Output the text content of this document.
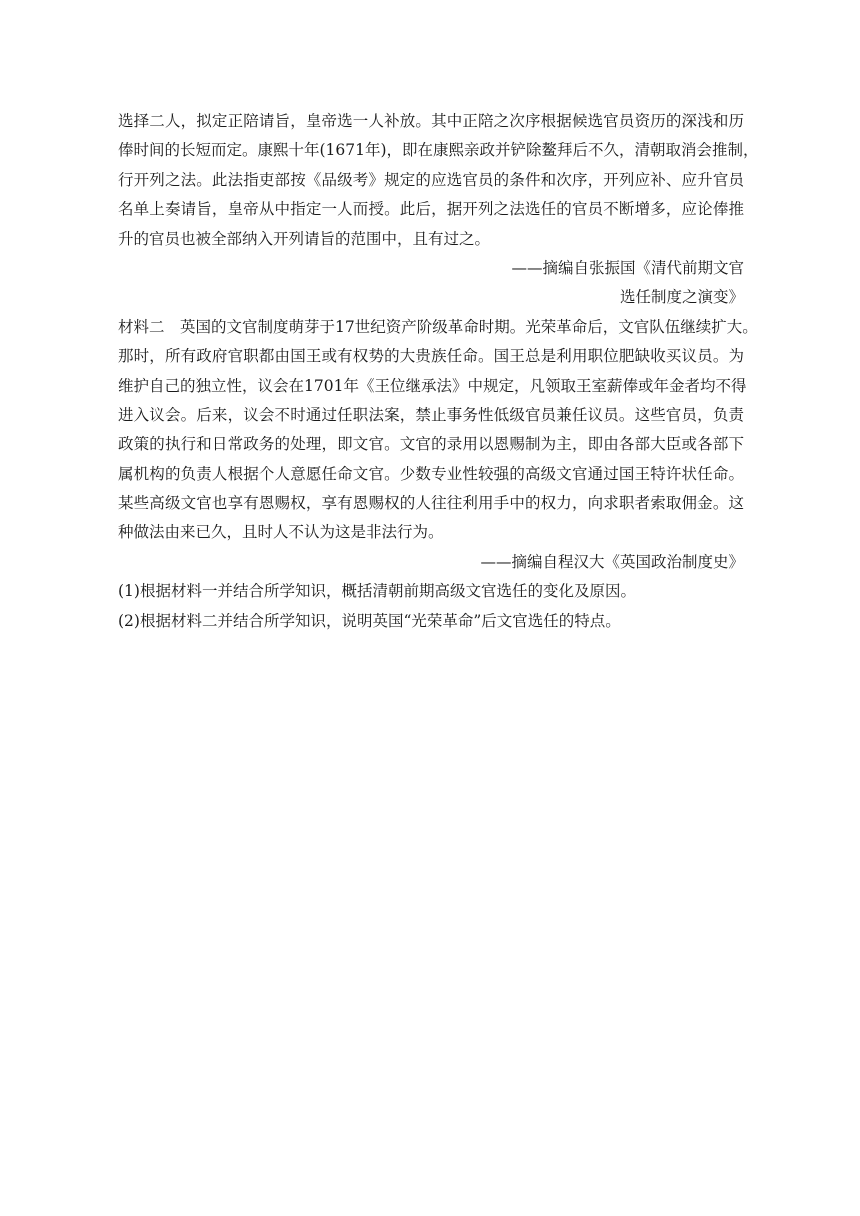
选择二人，拟定正陪请旨，皇帝选一人补放。其中正陪之次序根据候选官员资历的深浅和历
俸时间的长短而定。康熙十年(1671年)，即在康熙亲政并铲除鳌拜后不久，清朝取消会推制，
行开列之法。此法指吏部按《品级考》规定的应选官员的条件和次序，开列应补、应升官员
名单上奏请旨，皇帝从中指定一人而授。此后，据开列之法选任的官员不断增多，应论俸推
升的官员也被全部纳入开列请旨的范围中，且有过之。
——摘编自张振国《清代前期文官
选任制度之演变》
材料二　英国的文官制度萌芽于17世纪资产阶级革命时期。光荣革命后，文官队伍继续扩大。
那时，所有政府官职都由国王或有权势的大贵族任命。国王总是利用职位肥缺收买议员。为
维护自己的独立性，议会在1701年《王位继承法》中规定，凡领取王室薪俸或年金者均不得
进入议会。后来，议会不时通过任职法案，禁止事务性低级官员兼任议员。这些官员，负责
政策的执行和日常政务的处理，即文官。文官的录用以恩赐制为主，即由各部大臣或各部下
属机构的负责人根据个人意愿任命文官。少数专业性较强的高级文官通过国王特许状任命。
某些高级文官也享有恩赐权，享有恩赐权的人往往利用手中的权力，向求职者索取佣金。这
种做法由来已久，且时人不认为这是非法行为。
——摘编自程汉大《英国政治制度史》
(1)根据材料一并结合所学知识，概括清朝前期高级文官选任的变化及原因。
(2)根据材料二并结合所学知识，说明英国“光荣革命”后文官选任的特点。
